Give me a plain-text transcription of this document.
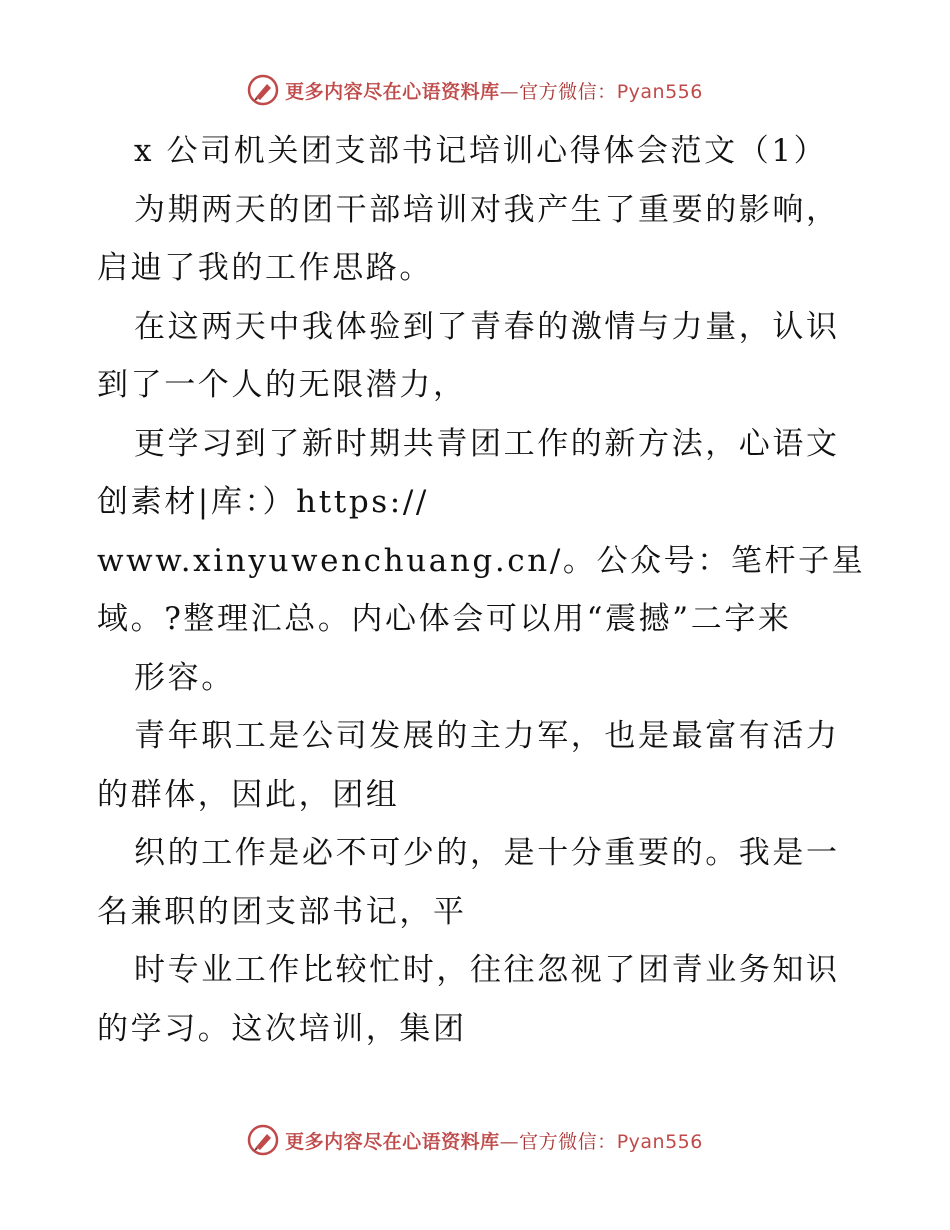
更多内容尽在心语资料库—官方微信：Pyan556
x 公司机关团支部书记培训心得体会范文（1）
为期两天的团干部培训对我产生了重要的影响，
启迪了我的工作思路。
在这两天中我体验到了青春的激情与力量，认识
到了一个人的无限潜力，
更学习到了新时期共青团工作的新方法，心语文
创素材|库：）https://
www.xinyuwenchuang.cn/。公众号：笔杆子星
域。?整理汇总。内心体会可以用“震撼”二字来
形容。
青年职工是公司发展的主力军，也是最富有活力
的群体，因此，团组
织的工作是必不可少的，是十分重要的。我是一
名兼职的团支部书记，平
时专业工作比较忙时，往往忽视了团青业务知识
的学习。这次培训，集团
更多内容尽在心语资料库—官方微信：Pyan556
